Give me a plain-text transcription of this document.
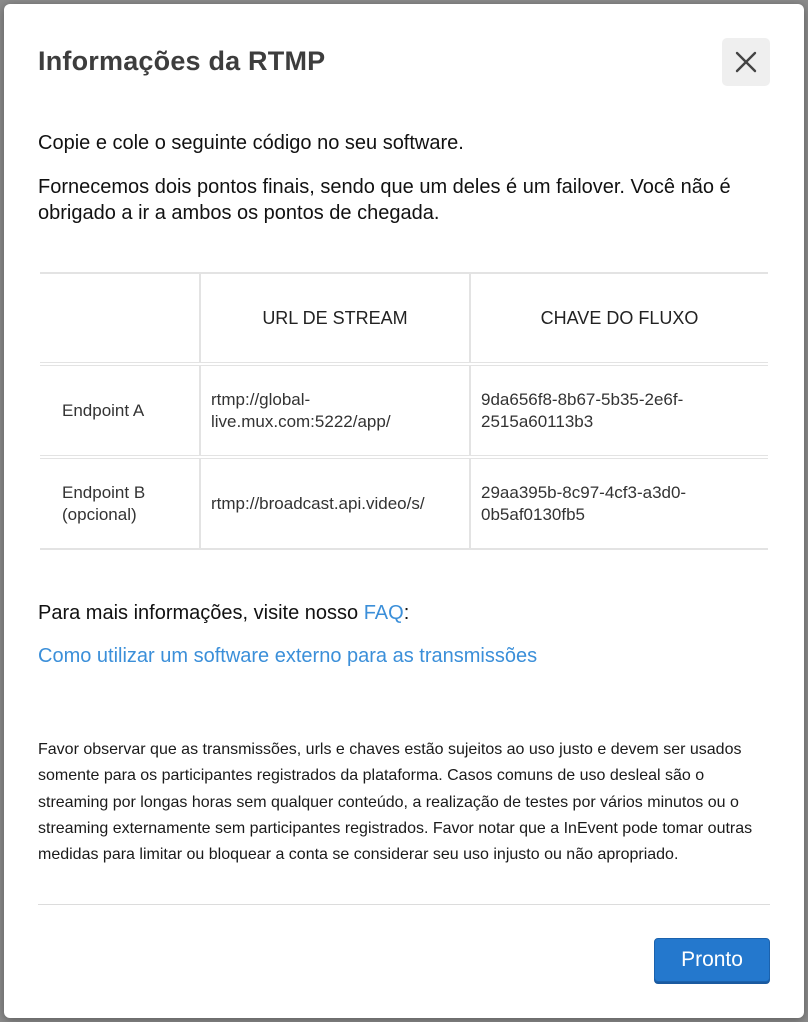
Informações da RTMP
Copie e cole o seguinte código no seu software.
Fornecemos dois pontos finais, sendo que um deles é um failover. Você não é obrigado a ir a ambos os pontos de chegada.
	URL DE STREAM	CHAVE DO FLUXO
Endpoint A	rtmp://global-live.mux.com:5222/app/	9da656f8-8b67-5b35-2e6f-2515a60113b3
Endpoint B (opcional)	rtmp://broadcast.api.video/s/	29aa395b-8c97-4cf3-a3d0-0b5af0130fb5
Para mais informações, visite nosso FAQ:
Como utilizar um software externo para as transmissões
Favor observar que as transmissões, urls e chaves estão sujeitos ao uso justo e devem ser usados somente para os participantes registrados da plataforma. Casos comuns de uso desleal são o streaming por longas horas sem qualquer conteúdo, a realização de testes por vários minutos ou o streaming externamente sem participantes registrados. Favor notar que a InEvent pode tomar outras medidas para limitar ou bloquear a conta se considerar seu uso injusto ou não apropriado.
Pronto
